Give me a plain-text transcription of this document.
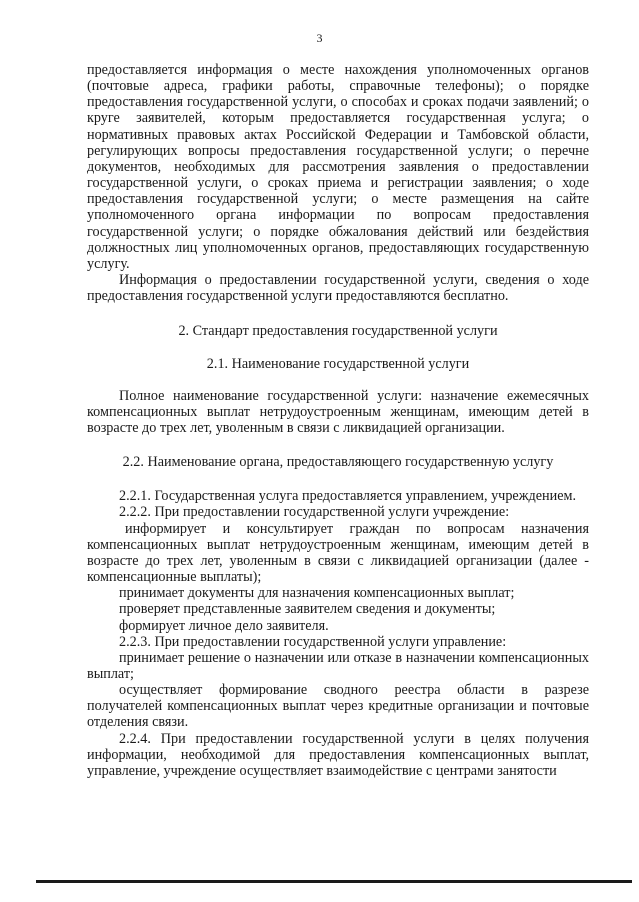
3

предоставляется информация о месте нахождения уполномоченных органов (почтовые адреса, графики работы, справочные телефоны); о порядке предоставления государственной услуги, о способах и сроках подачи заявлений; о круге заявителей, которым предоставляется государственная услуга; о нормативных правовых актах Российской Федерации и Тамбовской области, регулирующих вопросы предоставления государственной услуги; о перечне документов, необходимых для рассмотрения заявления о предоставлении государственной услуги, о сроках приема и регистрации заявления; о ходе предоставления государственной услуги; о месте размещения на сайте уполномоченного органа информации по вопросам предоставления государственной услуги; о порядке обжалования действий или бездействия должностных лиц уполномоченных органов, предоставляющих государственную услугу.

Информация о предоставлении государственной услуги, сведения о ходе предоставления государственной услуги предоставляются бесплатно.

2. Стандарт предоставления государственной услуги

2.1. Наименование государственной услуги

Полное наименование государственной услуги: назначение ежемесячных компенсационных выплат нетрудоустроенным женщинам, имеющим детей в возрасте до трех лет, уволенным в связи с ликвидацией организации.

2.2. Наименование органа, предоставляющего государственную услугу

2.2.1. Государственная услуга предоставляется управлением, учреждением.

2.2.2. При предоставлении государственной услуги учреждение:

информирует и консультирует граждан по вопросам назначения компенсационных выплат нетрудоустроенным женщинам, имеющим детей в возрасте до трех лет, уволенным в связи с ликвидацией организации (далее - компенсационные выплаты);

принимает документы для назначения компенсационных выплат;

проверяет представленные заявителем сведения и документы;

формирует личное дело заявителя.

2.2.3. При предоставлении государственной услуги управление:

принимает решение о назначении или отказе в назначении компенсационных выплат;

осуществляет формирование сводного реестра области в разрезе получателей компенсационных выплат через кредитные организации и почтовые отделения связи.

2.2.4. При предоставлении государственной услуги в целях получения информации, необходимой для предоставления компенсационных выплат, управление, учреждение осуществляет взаимодействие с центрами занятости
